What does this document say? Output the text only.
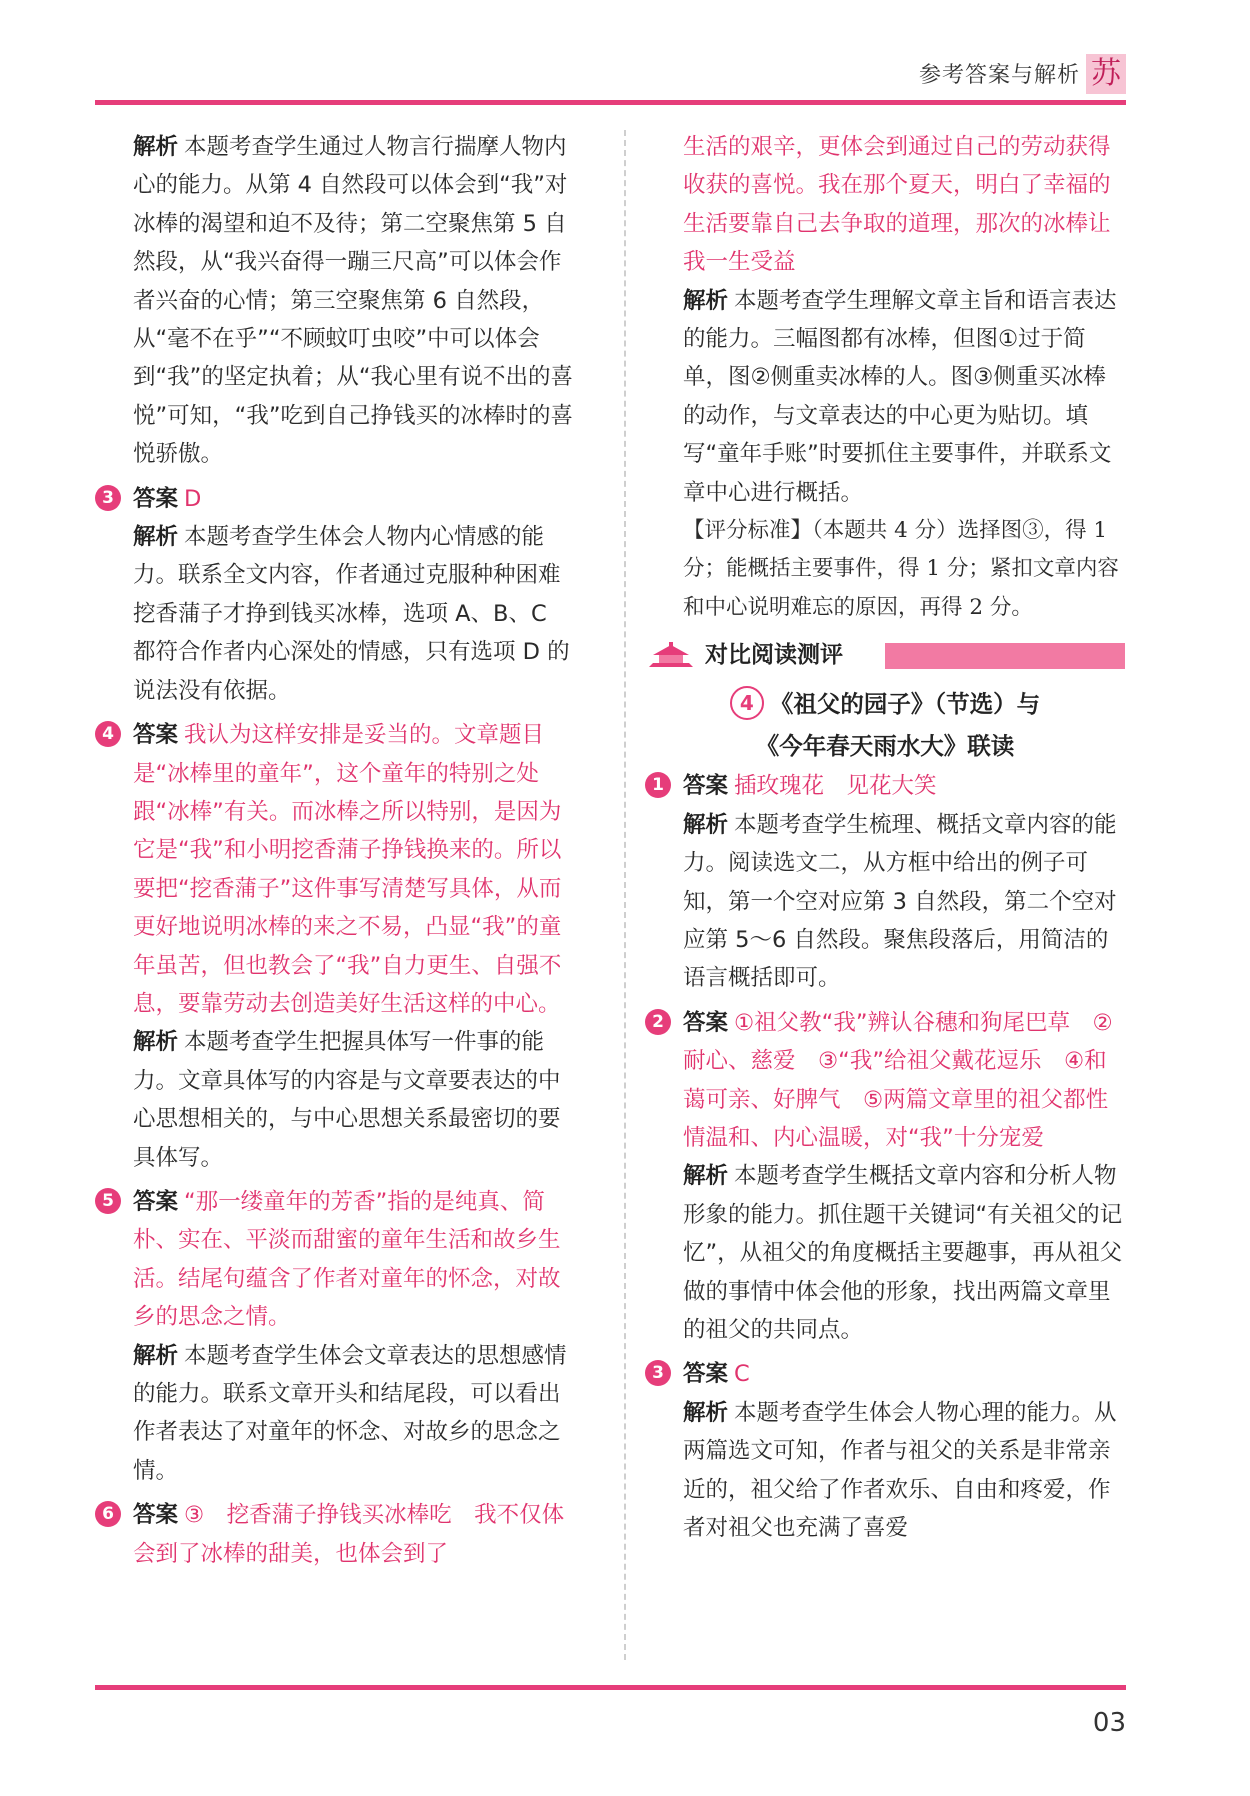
参考答案与解析 苏
解析 本题考查学生通过人物言行揣摩人物内心的能力。从第 4 自然段可以体会到“我”对冰棒的渴望和迫不及待；第二空聚焦第 5 自然段，从“我兴奋得一蹦三尺高”可以体会作者兴奋的心情；第三空聚焦第 6 自然段，从“毫不在乎”“不顾蚊叮虫咬”中可以体会到“我”的坚定执着；从“我心里有说不出的喜悦”可知，“我”吃到自己挣钱买的冰棒时的喜悦骄傲。
3 答案 D
解析 本题考查学生体会人物内心情感的能力。联系全文内容，作者通过克服种种困难挖香蒲子才挣到钱买冰棒，选项 A、B、C 都符合作者内心深处的情感，只有选项 D 的说法没有依据。
4 答案 我认为这样安排是妥当的。文章题目是“冰棒里的童年”，这个童年的特别之处跟“冰棒”有关。而冰棒之所以特别，是因为它是“我”和小明挖香蒲子挣钱换来的。所以要把“挖香蒲子”这件事写清楚写具体，从而更好地说明冰棒的来之不易，凸显“我”的童年虽苦，但也教会了“我”自力更生、自强不息，要靠劳动去创造美好生活这样的中心。
解析 本题考查学生把握具体写一件事的能力。文章具体写的内容是与文章要表达的中心思想相关的，与中心思想关系最密切的要具体写。
5 答案 “那一缕童年的芳香”指的是纯真、简朴、实在、平淡而甜蜜的童年生活和故乡生活。结尾句蕴含了作者对童年的怀念，对故乡的思念之情。
解析 本题考查学生体会文章表达的思想感情的能力。联系文章开头和结尾段，可以看出作者表达了对童年的怀念、对故乡的思念之情。
6 答案 ③　挖香蒲子挣钱买冰棒吃　我不仅体会到了冰棒的甜美，也体会到了
生活的艰辛，更体会到通过自己的劳动获得收获的喜悦。我在那个夏天，明白了幸福的生活要靠自己去争取的道理，那次的冰棒让我一生受益
解析 本题考查学生理解文章主旨和语言表达的能力。三幅图都有冰棒，但图①过于简单，图②侧重卖冰棒的人。图③侧重买冰棒的动作，与文章表达的中心更为贴切。填写“童年手账”时要抓住主要事件，并联系文章中心进行概括。
【评分标准】（本题共 4 分）选择图③，得 1 分；能概括主要事件，得 1 分；紧扣文章内容和中心说明难忘的原因，再得 2 分。
对比阅读测评
4 《祖父的园子》（节选）与
《今年春天雨水大》联读
1 答案 插玫瑰花　见花大笑
解析 本题考查学生梳理、概括文章内容的能力。阅读选文二，从方框中给出的例子可知，第一个空对应第 3 自然段，第二个空对应第 5～6 自然段。聚焦段落后，用简洁的语言概括即可。
2 答案 ①祖父教“我”辨认谷穗和狗尾巴草　②耐心、慈爱　③“我”给祖父戴花逗乐　④和蔼可亲、好脾气　⑤两篇文章里的祖父都性情温和、内心温暖，对“我”十分宠爱
解析 本题考查学生概括文章内容和分析人物形象的能力。抓住题干关键词“有关祖父的记忆”，从祖父的角度概括主要趣事，再从祖父做的事情中体会他的形象，找出两篇文章里的祖父的共同点。
3 答案 C
解析 本题考查学生体会人物心理的能力。从两篇选文可知，作者与祖父的关系是非常亲近的，祖父给了作者欢乐、自由和疼爱，作者对祖父也充满了喜爱
03
